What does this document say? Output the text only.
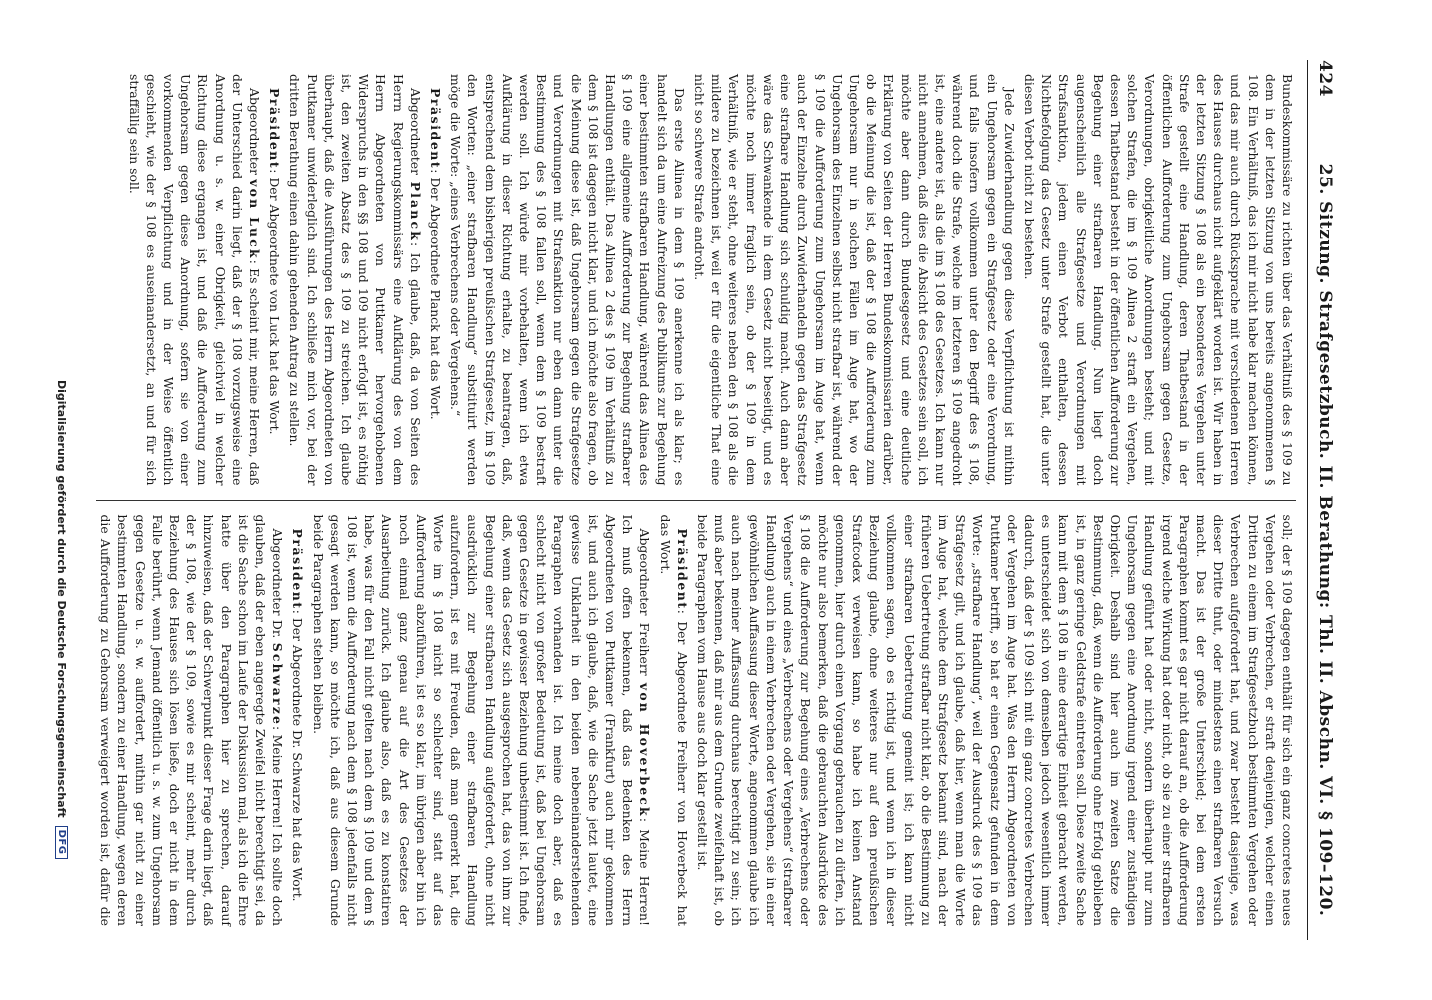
424
25. Sitzung. Strafgesetzbuch. II. Berathung: Thl. II. Abschn. VI. § 109–120.

Bundeskommissäre zu richten über das Verhältniß des § 109 zu dem in der letzten Sitzung von uns bereits angenommenen § 108. Ein Verhältniß, das ich mir nicht habe klar machen können, und das mir auch durch Rücksprache mit verschiedenen Herren des Hauses durchaus nicht aufgeklärt worden ist. Wir haben in der letzten Sitzung § 108 als ein besonderes Vergehen unter Strafe gestellt eine Handlung, deren Thatbestand in der öffentlichen Aufforderung zum Ungehorsam gegen Gesetze, Verordnungen, obrigkeitliche Anordnungen besteht; und mit solchen Strafen, die im § 109 Alinea 2 straft ein Vergehen, dessen Thatbestand besteht in der öffentlichen Aufforderung zur Begehung einer strafbaren Handlung. Nun liegt doch augenscheinlich alle Strafgesetze und Verordnungen mit Strafsanktion, jedem einen Verbot enthalten, dessen Nichtbefolgung das Gesetz unter Strafe gestellt hat, die unter diesen Verbot nicht zu bestehen.

Jede Zuwiderhandlung gegen diese Verpflichtung ist mithin ein Ungehorsam gegen ein Strafgesetz oder eine Verordnung, und falls insofern vollkommen unter den Begriff des § 108, während doch die Strafe, welche im letzteren § 109 angedroht ist, eine andere ist, als die im § 108 des Gesetzes. Ich kann nur nicht annehmen, daß dies die Absicht des Gesetzes sein soll, ich möchte aber dann durch Bundesgesetz und eine deutliche Erklärung von Seiten der Herren Bundeskommissarien darüber, ob die Meinung die ist, daß der § 108 die Aufforderung zum Ungehorsam nur in solchen Fällen im Auge hat, wo der Ungehorsam des Einzelnen selbst nicht strafbar ist, während der § 109 die Aufforderung zum Ungehorsam im Auge hat, wenn auch der Einzelne durch Zuwiderhandeln gegen das Strafgesetz eine strafbare Handlung sich schuldig macht. Auch dann aber wäre das Schwankende in dem Gesetz nicht beseitigt, und es möchte noch immer fraglich sein, ob der § 109 in dem Verhältniß, wie er steht, ohne weiteres neben den § 108 als die mildere zu bezeichnen ist, weil er für die eigentliche That eine nicht so schwere Strafe androht.

Das erste Alinea in dem § 109 anerkenne ich als klar; es handelt sich da um eine Aufreizung des Publikums zur Begehung einer bestimmten strafbaren Handlung, während das Alinea des § 109 eine allgemeine Aufforderung zur Begehung strafbarer Handlungen enthält. Das Alinea 2 des § 109 im Verhältniß zu dem § 108 ist dagegen nicht klar, und ich möchte also fragen, ob die Meinung diese ist, daß Ungehorsam gegen die Strafgesetze und Verordnungen mit Strafsanktion nur eben dann unter die Bestimmung des § 108 fallen soll, wenn dem § 109 bestraft werden soll. Ich würde mir vorbehalten, wenn ich etwa Aufklärung in dieser Richtung erhalte, zu beantragen, daß, entsprechend dem bisherigen preußischen Strafgesetz, im § 109 den Worten: „einer strafbaren Handlung“ substituirt werden möge die Worte: „eines Verbrechens oder Vergehens.“

Präsident: Der Abgeordnete Planck hat das Wort.

Abgeordneter Planck: Ich glaube, daß, da von Seiten des Herrn Regierungskommissärs eine Aufklärung des von dem Herrn Abgeordneten von Puttkamer hervorgehobenen Widerspruchs in den §§ 108 und 109 nicht erfolgt ist, es nöthig ist, den zweiten Absatz des § 109 zu streichen. Ich glaube überhaupt, daß die Ausführungen des Herrn Abgeordneten von Puttkamer unwiderleglich sind. Ich schließe mich vor, bei der dritten Berathung einen dahin gehenden Antrag zu stellen.

Präsident: Der Abgeordnete von Luck hat das Wort.

Abgeordneter von Luck: Es scheint mir, meine Herren, daß der Unterschied darin liegt, daß der § 108 vorzugsweise eine Anordnung u. s. w. einer Obrigkeit, gleichviel in welcher Richtung diese ergangen ist, und daß die Aufforderung zum Ungehorsam gegen diese Anordnung, sofern sie von einer vorkommenden Verpflichtung und in der Weise öffentlich geschieht, wie der § 108 es auseinandersetzt, an und für sich straffällig sein soll.

soll; der § 109 dagegen enthält für sich ein ganz concretes neues Vergehen oder Verbrechen, er straft denjenigen, welcher einen Dritten zu einem im Strafgesetzbuch bestimmten Vergehen oder Verbrechen aufgefordert hat, und zwar besteht dasjenige, was dieser Dritte thut, oder mindestens einen strafbaren Versuch macht. Das ist der große Unterschied; bei dem ersten Paragraphen kommt es gar nicht darauf an, ob die Aufforderung irgend welche Wirkung hat oder nicht, ob sie zu einer strafbaren Handlung geführt hat oder nicht, sondern überhaupt nur zum Ungehorsam gegen eine Anordnung irgend einer zuständigen Obrigkeit. Deshalb sind hier auch im zweiten Satze die Bestimmung, daß, wenn die Aufforderung ohne Erfolg geblieben ist, in ganz geringe Geldstrafe eintreten soll. Diese zweite Sache kann mit dem § 108 in eine derartige Einheit gebracht werden, es unterscheidet sich von demselben jedoch wesentlich immer dadurch, daß der § 109 sich mit ein ganz concretes Verbrechen oder Vergehen im Auge hat. Was den Herrn Abgeordneten von Puttkamer betrifft, so hat er einen Gegensatz gefunden in dem Worte: „strafbare Handlung“, weil der Ausdruck des § 109 das Strafgesetz gilt, und ich glaube, daß hier, wenn man die Worte im Auge hat, welche dem Strafgesetz bekannt sind, nach der früheren Uebertretung strafbar nicht klar, ob die Bestimmung zu einer strafbaren Uebertretung gemeint ist; ich kann nicht vollkommen sagen, ob es richtig ist, und wenn ich in dieser Beziehung glaube, ohne weiteres nur auf den preußischen Strafcodex verweisen kann, so habe ich keinen Anstand genommen, hier durch einen Vorgang gebrauchen zu dürfen, ich möchte nur also bemerken, daß die gebrauchten Ausdrücke des § 108 die Aufforderung zur Begehung eines „Verbrechens oder Vergehens“ und eines „Verbrechens oder Vergehens“ (strafbarer Handlung) auch in einem Verbrechen oder Vergehen, sie in einer gewöhnlichen Auffassung dieser Worte, angenommen glaube ich auch nach meiner Auffassung durchaus berechtigt zu sein; ich muß aber bekennen, daß mir aus dem Grunde zweifelhaft ist, ob beide Paragraphen vom Hause aus doch klar gestellt ist.

Präsident: Der Abgeordnete Freiherr von Hoverbeck hat das Wort.

Abgeordneter Freiherr von Hoverbeck: Meine Herren! Ich muß offen bekennen, daß das Bedenken des Herrn Abgeordneten von Puttkamer (Frankfurt) auch mir gekommen ist, und auch ich glaube, daß, wie die Sache jetzt lautet, eine gewisse Unklarheit in den beiden nebeneinanderstehenden Paragraphen vorhanden ist. Ich meine doch aber, daß es schlecht nicht von großer Bedeutung ist, daß bei Ungehorsam gegen Gesetze in gewisser Beziehung unbestimmt ist. Ich finde, daß, wenn das Gesetz sich ausgesprochen hat, das von ihm zur Begehung einer strafbaren Handlung aufgefordert, ohne nicht ausdrücklich zur Begehung einer strafbaren Handlung aufzufordern, ist es mit Freuden, daß man gemerkt hat, die Worte im § 108 nicht so schlechter sind, statt auf das Aufforderung abzuführen, ist es so klar, im übrigen aber bin ich noch einmal ganz genau auf die Art des Gesetzes der Ausarbeitung zurück. Ich glaube also, daß es zu konstatiren habe, was für den Fall nicht gelten nach dem § 109 und dem § 108 ist, wenn die Aufforderung nach dem § 108 jedenfalls nicht gesagt werden kann, so möchte ich, daß aus diesem Grunde beide Paragraphen stehen bleiben.

Präsident: Der Abgeordnete Dr. Schwarze hat das Wort.

Abgeordneter Dr. Schwarze: Meine Herren! Ich sollte doch glauben, daß der eben angeregte Zweifel nicht berechtigt sei, da ist die Sache schon im Laufe der Diskussion mal, als ich die Ehre hatte über den Paragraphen hier zu sprechen, darauf hinzuweisen, daß der Schwerpunkt dieser Frage darin liegt, daß der § 108, wie der § 109, sowie es mir scheint, mehr durch Beziehung des Hauses sich lösen ließe, doch er nicht in dem Falle berührt, wenn Jemand öffentlich u. s. w. zum Ungehorsam gegen Gesetze u. s. w. auffordert, mithin gar nicht zu einer bestimmten Handlung, sondern zu einer Handlung, wegen deren die Aufforderung zu Gehorsam verweigert worden ist, dafür die

Digitalisierung gefördert durch die Deutsche Forschungsgemeinschaft
DFG
